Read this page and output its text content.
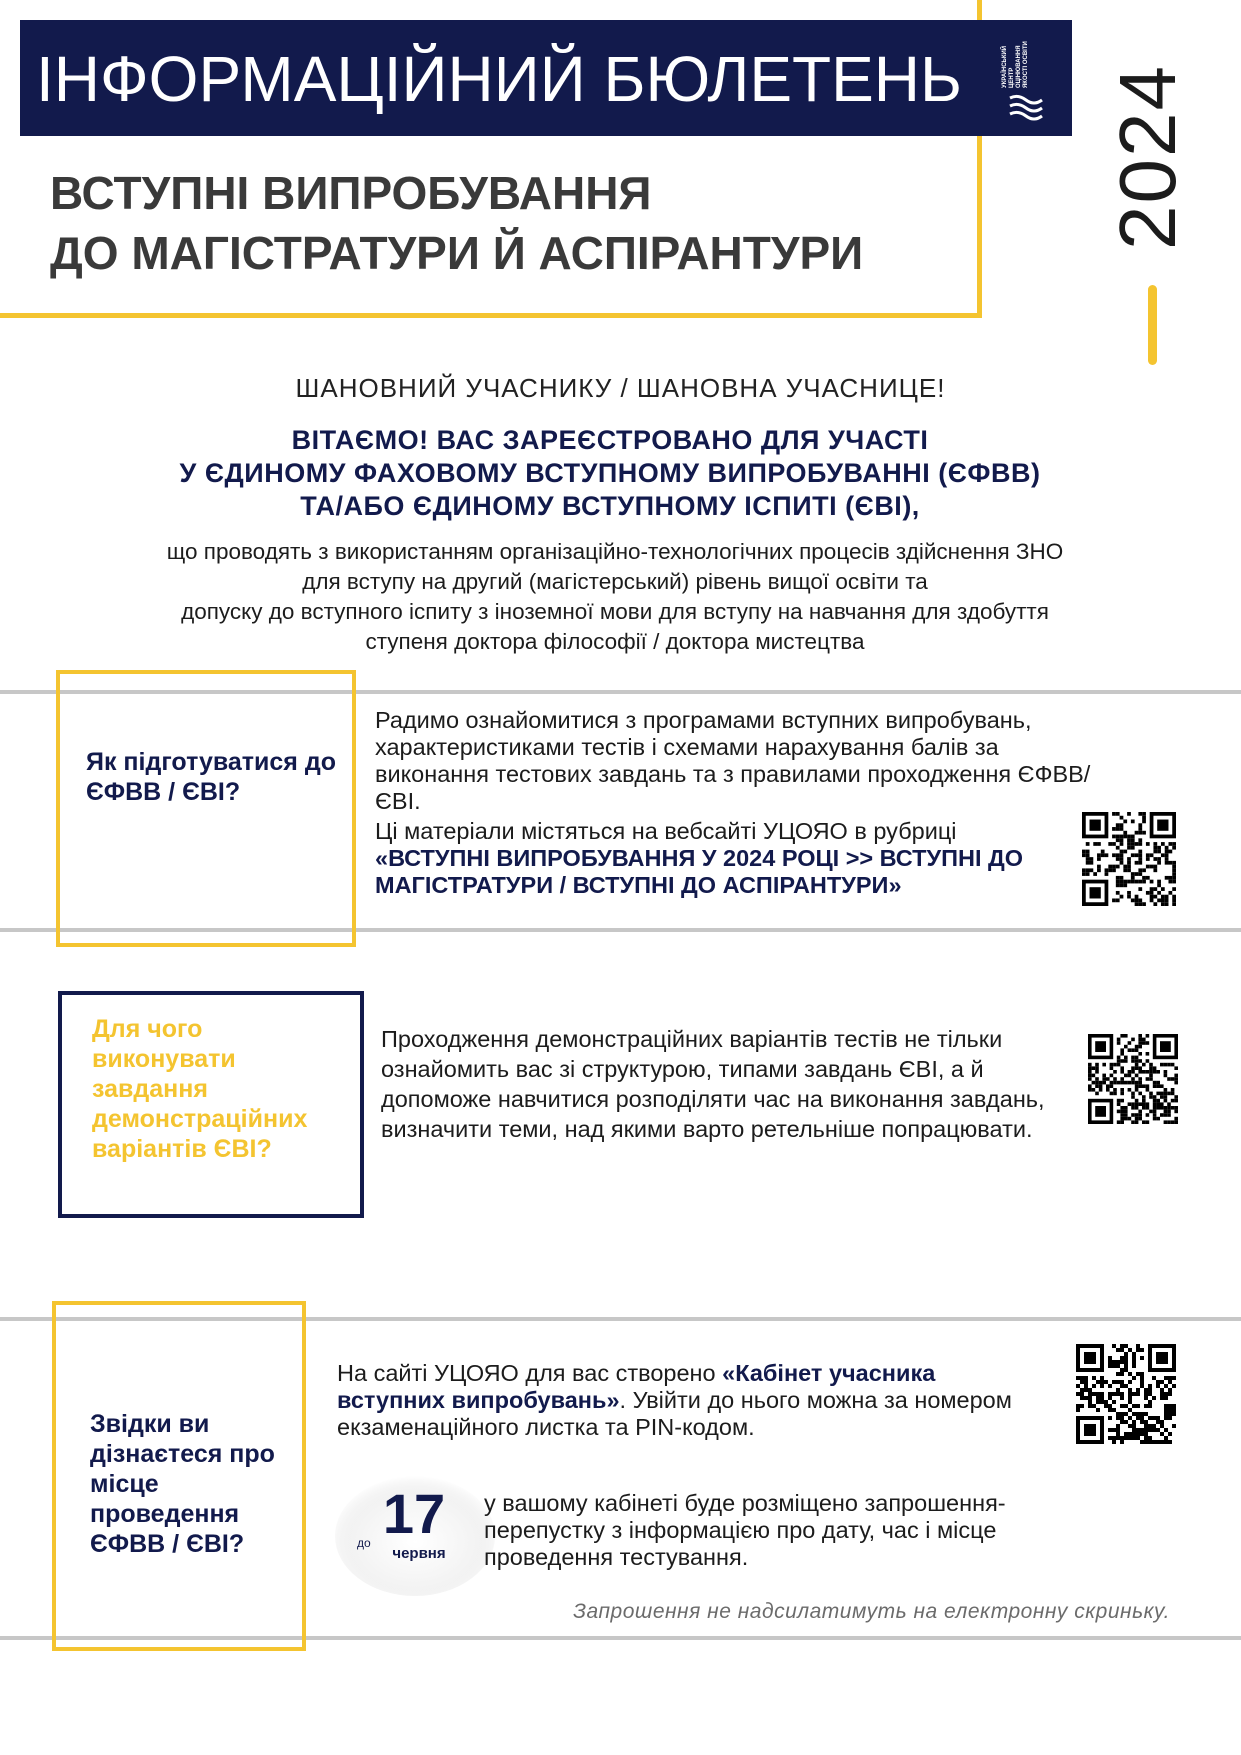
ІНФОРМАЦІЙНИЙ БЮЛЕТЕНЬ	УКРАЇНСЬКИЙ ЦЕНТР ОЦІНЮВАННЯ ЯКОСТІ ОСВІТИ
ВСТУПНІ ВИПРОБУВАННЯ
ДО МАГІСТРАТУРИ Й АСПІРАНТУРИ
2024
ШАНОВНИЙ УЧАСНИКУ / ШАНОВНА УЧАСНИЦЕ!
ВІТАЄМО! ВАС ЗАРЕЄСТРОВАНО ДЛЯ УЧАСТІ
У ЄДИНОМУ ФАХОВОМУ ВСТУПНОМУ ВИПРОБУВАННІ (ЄФВВ)
ТА/АБО ЄДИНОМУ ВСТУПНОМУ ІСПИТІ (ЄВІ),
що проводять з використанням організаційно-технологічних процесів здійснення ЗНО
для вступу на другий (магістерський) рівень вищої освіти та
допуску до вступного іспиту з іноземної мови для вступу на навчання для здобуття
ступеня доктора філософії / доктора мистецтва
Як підготуватися до ЄФВВ / ЄВІ?
Радимо ознайомитися з програмами вступних випробувань, характеристиками тестів і схемами нарахування балів за виконання тестових завдань та з правилами проходження ЄФВВ/ЄВІ.
Ці матеріали містяться на вебсайті УЦОЯО в рубриці «ВСТУПНІ ВИПРОБУВАННЯ У 2024 РОЦІ >> ВСТУПНІ ДО МАГІСТРАТУРИ / ВСТУПНІ ДО АСПІРАНТУРИ»
Для чого виконувати завдання демонстраційних варіантів ЄВІ?
Проходження демонстраційних варіантів тестів не тільки ознайомить вас зі структурою, типами завдань ЄВІ, а й допоможе навчитися розподіляти час на виконання завдань, визначити теми, над якими варто ретельніше попрацювати.
Звідки ви дізнаєтеся про місце проведення ЄФВВ / ЄВІ?
На сайті УЦОЯО для вас створено «Кабінет учасника вступних випробувань». Увійти до нього можна за номером екзаменаційного листка та PIN-кодом.
до 17
червня
у вашому кабінеті буде розміщено запрошення-перепустку з інформацією про дату, час і місце проведення тестування.
Запрошення не надсилатимуть на електронну скриньку.
